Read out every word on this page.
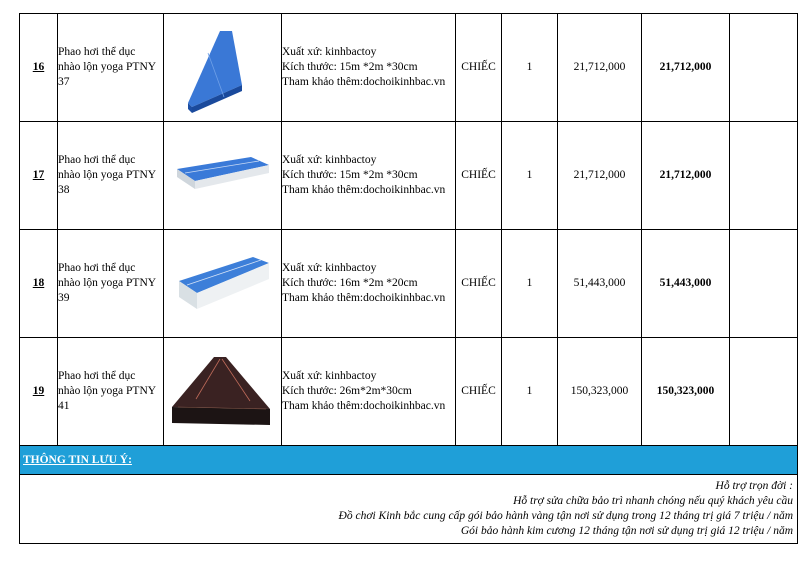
16	Phao hơi thể dục
nhào lộn yoga PTNY
37		Xuất xứ: kinhbactoy
Kích thước: 15m *2m *30cm
Tham khảo thêm:dochoikinhbac.vn	CHIẾC	1	21,712,000	21,712,000	
17	Phao hơi thể dục
nhào lộn yoga PTNY
38		Xuất xứ: kinhbactoy
Kích thước: 15m *2m *30cm
Tham khảo thêm:dochoikinhbac.vn	CHIẾC	1	21,712,000	21,712,000	
18	Phao hơi thể dục
nhào lộn yoga PTNY
39		Xuất xứ: kinhbactoy
Kích thước: 16m *2m *20cm
Tham khảo thêm:dochoikinhbac.vn	CHIẾC	1	51,443,000	51,443,000	
19	Phao hơi thể dục
nhào lộn yoga PTNY
41		Xuất xứ: kinhbactoy
Kích thước: 26m*2m*30cm
Tham khảo thêm:dochoikinhbac.vn	CHIẾC	1	150,323,000	150,323,000	
THÔNG TIN LƯU Ý:								

Hỗ trợ trọn đời :
Hỗ trợ sửa chữa bảo trì nhanh chóng nếu quý khách yêu cầu
Đồ chơi Kinh bắc cung cấp gói bảo hành vàng tận nơi sử dụng trong 12 tháng trị giá 7 triệu / năm
Gói bảo hành kim cương 12 tháng tận nơi sử dụng trị giá 12 triệu / năm								
